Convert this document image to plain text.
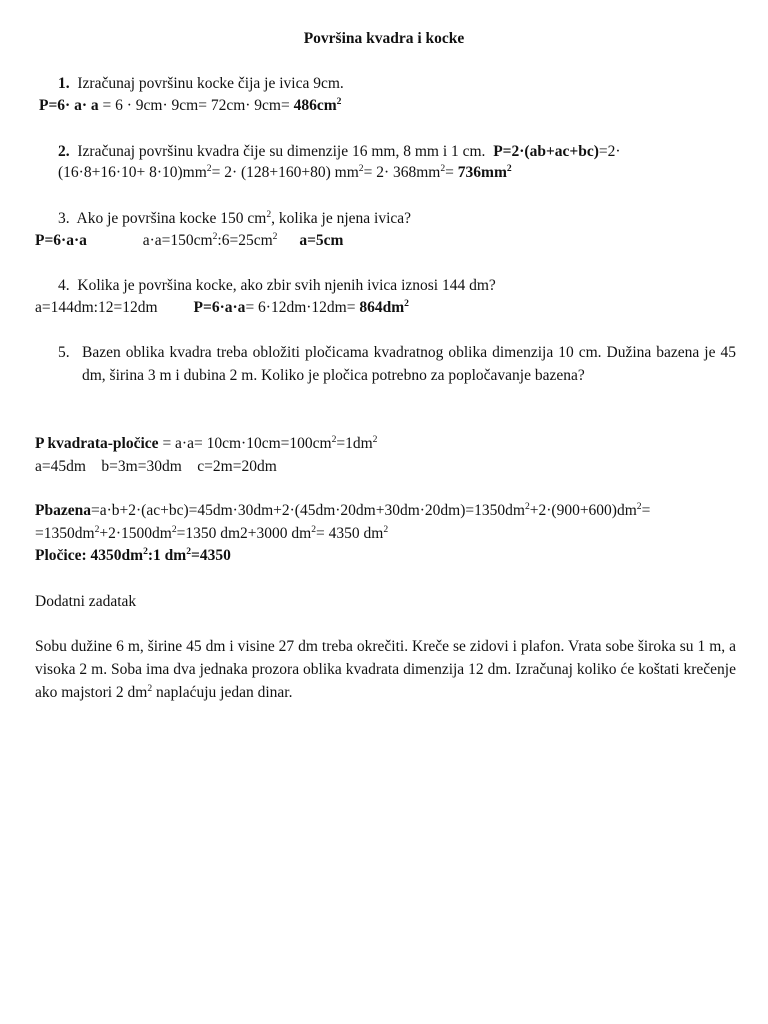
Površina kvadra i kocke
1. Izračunaj površinu kocke čija je ivica 9cm.
$P=6\cdot a\cdot a = 6 \cdot 9cm\cdot 9cm= 72cm\cdot 9cm= 486cm^2$
2. Izračunaj površinu kvadra čije su dimenzije 16 mm, 8 mm i 1 cm. P=2·(ab+ac+bc)=2·
$(16\cdot 8+16\cdot 10+ 8\cdot 10)mm^2= 2\cdot (128+160+80)$ $mm^2= 2\cdot 368mm^2= 736mm^2$
3. Ako je površina kocke 150 $cm^2$, kolika je njena ivica?
P=6·a·a	$a\cdot a=150cm^2:6=25cm^2$ a=5cm
4. Kolika je površina kocke, ako zbir svih njenih ivica iznosi 144 dm?
a=144dm:12=12dm $P=6\cdot a\cdot a= 6\cdot 12dm\cdot 12dm= 864dm^2$
5. Bazen oblika kvadra treba obložiti pločicama kvadratnog oblika dimenzija 10 cm. Dužina bazena je 45 dm, širina 3 m i dubina 2 m. Koliko je pločica potrebno za popločavanje bazena?
P kvadrata-pločice = $a\cdot a= 10cm\cdot 10cm=100cm^2=1dm^2$
a=45dm    b=3m=30dm    c=2m=20dm
$Pbazena=a\cdot b+2\cdot(ac+bc)=45dm\cdot 30dm+2\cdot(45dm\cdot 20dm+30dm\cdot 20dm)=1350dm^2+2\cdot(900+600)dm^2=$
$=1350dm^2+2\cdot 1500dm^2=1350$ dm2+3000 $dm^2= 4350$ $dm^2$
Pločice: $4350dm^2:1$ $dm^2=4350$
Dodatni zadatak
Sobu dužine 6 m, širine 45 dm i visine 27 dm treba okrečiti. Kreče se zidovi i plafon. Vrata sobe široka su 1 m, a visoka 2 m. Soba ima dva jednaka prozora oblika kvadrata dimenzija 12 dm. Izračunaj koliko će koštati krečenje ako majstori 2 $dm^2$ naplaćuju jedan dinar.
